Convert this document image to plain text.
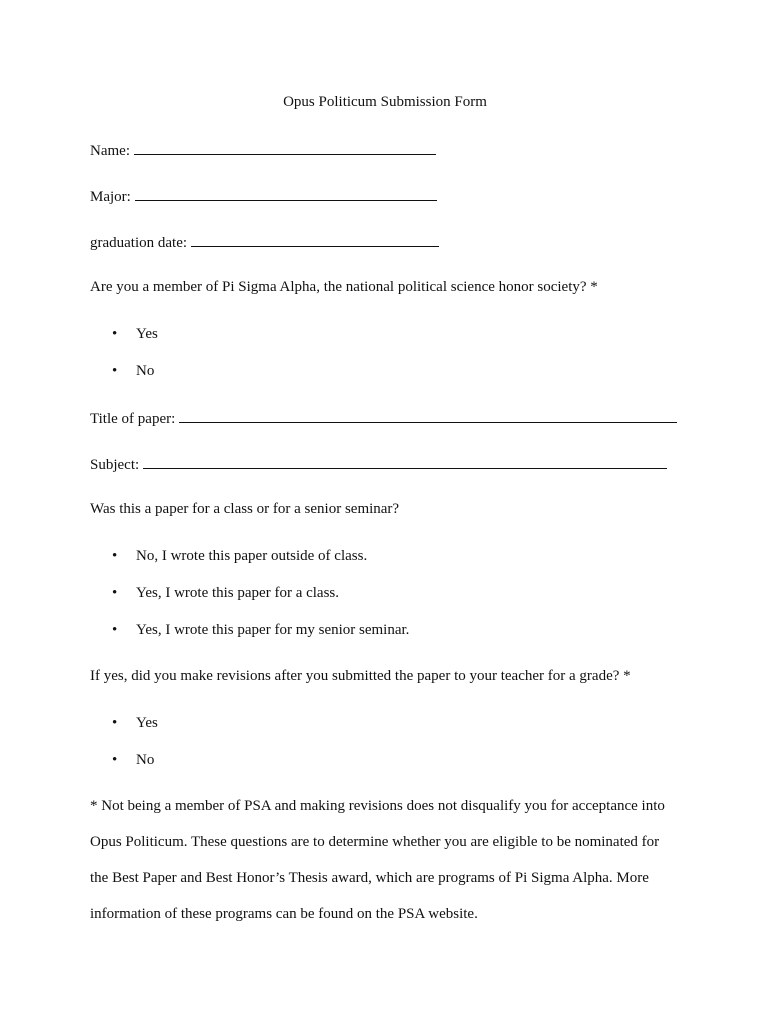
Opus Politicum Submission Form
Name:
Major:
graduation date:
Are you a member of Pi Sigma Alpha, the national political science honor society? *
• Yes
• No
Title of paper:
Subject:
Was this a paper for a class or for a senior seminar?
• No, I wrote this paper outside of class.
• Yes, I wrote this paper for a class.
• Yes, I wrote this paper for my senior seminar.
If yes, did you make revisions after you submitted the paper to your teacher for a grade? *
• Yes
• No
* Not being a member of PSA and making revisions does not disqualify you for acceptance into
Opus Politicum. These questions are to determine whether you are eligible to be nominated for
the Best Paper and Best Honor’s Thesis award, which are programs of Pi Sigma Alpha. More
information of these programs can be found on the PSA website.
